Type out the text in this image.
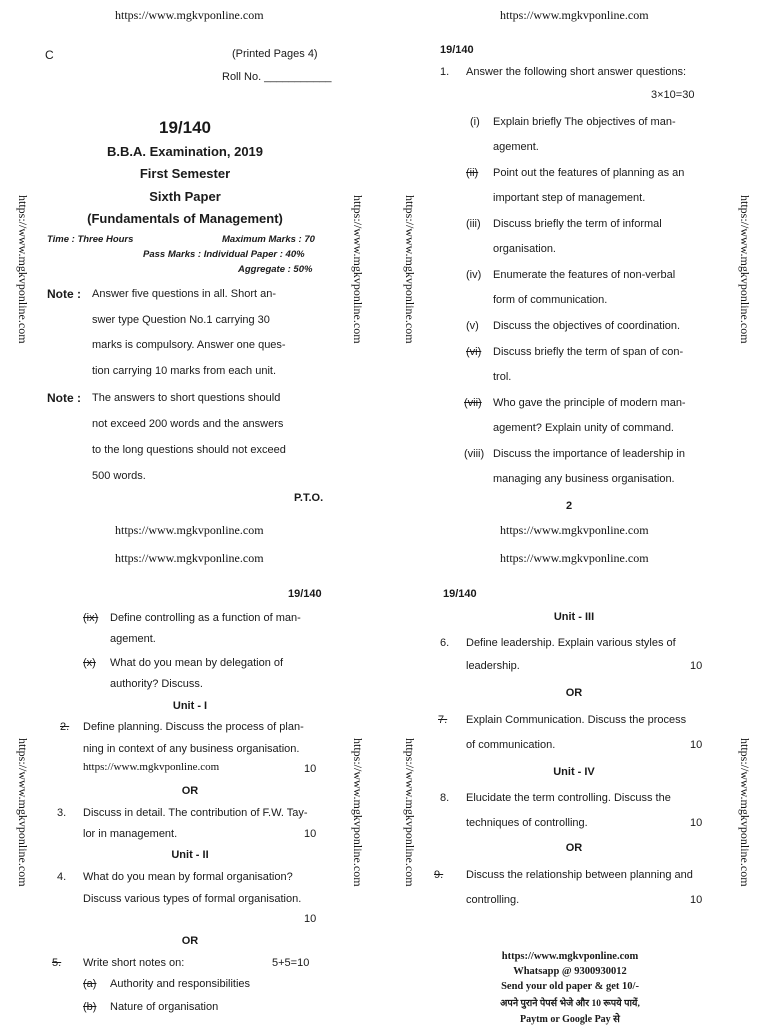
https://www.mgkvponline.com	https://www.mgkvponline.com
https://www.mgkvponline.com	https://www.mgkvponline.com	https://www.mgkvponline.com	https://www.mgkvponline.com
https://www.mgkvponline.com	https://www.mgkvponline.com	https://www.mgkvponline.com	https://www.mgkvponline.com
C	(Printed Pages 4)
Roll No. ___________
19/140
B.B.A. Examination, 2019
First Semester
Sixth Paper
(Fundamentals of Management)
Time : Three Hours	Maximum Marks : 70
Pass Marks : Individual Paper : 40%
Aggregate : 50%
Note : Answer five questions in all. Short an-
swer type Question No.1 carrying 30
marks is compulsory. Answer one ques-
tion carrying 10 marks from each unit.
Note : The answers to short questions should
not exceed 200 words and the answers
to the long questions should not exceed
500 words.
P.T.O.
19/140
1. Answer the following short answer questions:
3×10=30
(i) Explain briefly The objectives of man-
agement.
(ii) Point out the features of planning as an
important step of management.
(iii) Discuss briefly the term of informal
organisation.
(iv) Enumerate the features of non-verbal
form of communication.
(v) Discuss the objectives of coordination.
(vi) Discuss briefly the term of span of con-
trol.
(vii) Who gave the principle of modern man-
agement? Explain unity of command.
(viii) Discuss the importance of leadership in
managing any business organisation.
2
https://www.mgkvponline.com
https://www.mgkvponline.com
https://www.mgkvponline.com
https://www.mgkvponline.com
19/140
(ix) Define controlling as a function of man-
agement.
(x) What do you mean by delegation of
authority? Discuss.
Unit - I
2. Define planning. Discuss the process of plan-
ning in context of any business organisation.
https://www.mgkvponline.com	10
OR
3. Discuss in detail. The contribution of F.W. Tay-
lor in management.	10
Unit - II
4. What do you mean by formal organisation?
Discuss various types of formal organisation.
10
OR
5. Write short notes on:	5+5=10
(a) Authority and responsibilities
(b) Nature of organisation
19/140
Unit - III
6. Define leadership. Explain various styles of
leadership.	10
OR
7. Explain Communication. Discuss the process
of communication.	10
Unit - IV
8. Elucidate the term controlling. Discuss the
techniques of controlling.	10
OR
9. Discuss the relationship between planning and
controlling.	10
https://www.mgkvponline.com
Whatsapp @ 9300930012
Send your old paper & get 10/-
अपने पुराने पेपर्स भेजे और 10 रूपये पायें,
Paytm or Google Pay से
